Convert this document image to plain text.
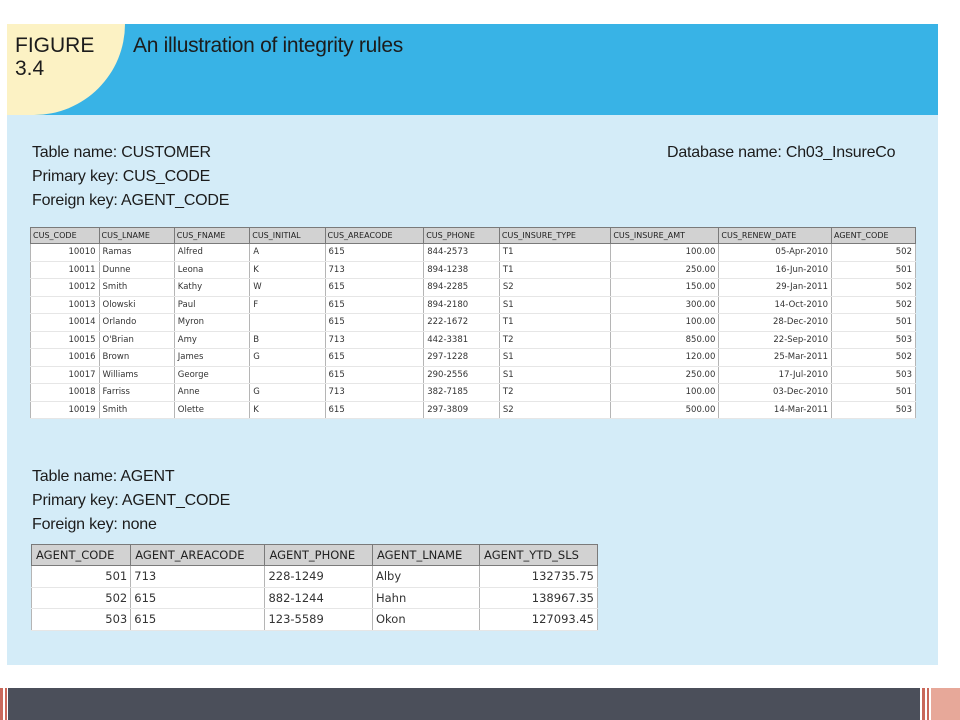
FIGURE
3.4
An illustration of integrity rules
Table name: CUSTOMER
Primary key: CUS_CODE
Foreign key: AGENT_CODE
Database name: Ch03_InsureCo
CUS_CODE	CUS_LNAME	CUS_FNAME	CUS_INITIAL	CUS_AREACODE	CUS_PHONE	CUS_INSURE_TYPE	CUS_INSURE_AMT	CUS_RENEW_DATE	AGENT_CODE
10010	Ramas	Alfred	A	615	844-2573	T1	100.00	05-Apr-2010	502
10011	Dunne	Leona	K	713	894-1238	T1	250.00	16-Jun-2010	501
10012	Smith	Kathy	W	615	894-2285	S2	150.00	29-Jan-2011	502
10013	Olowski	Paul	F	615	894-2180	S1	300.00	14-Oct-2010	502
10014	Orlando	Myron		615	222-1672	T1	100.00	28-Dec-2010	501
10015	O'Brian	Amy	B	713	442-3381	T2	850.00	22-Sep-2010	503
10016	Brown	James	G	615	297-1228	S1	120.00	25-Mar-2011	502
10017	Williams	George		615	290-2556	S1	250.00	17-Jul-2010	503
10018	Farriss	Anne	G	713	382-7185	T2	100.00	03-Dec-2010	501
10019	Smith	Olette	K	615	297-3809	S2	500.00	14-Mar-2011	503
Table name: AGENT
Primary key: AGENT_CODE
Foreign key: none
AGENT_CODE	AGENT_AREACODE	AGENT_PHONE	AGENT_LNAME	AGENT_YTD_SLS
501	713	228-1249	Alby	132735.75
502	615	882-1244	Hahn	138967.35
503	615	123-5589	Okon	127093.45
